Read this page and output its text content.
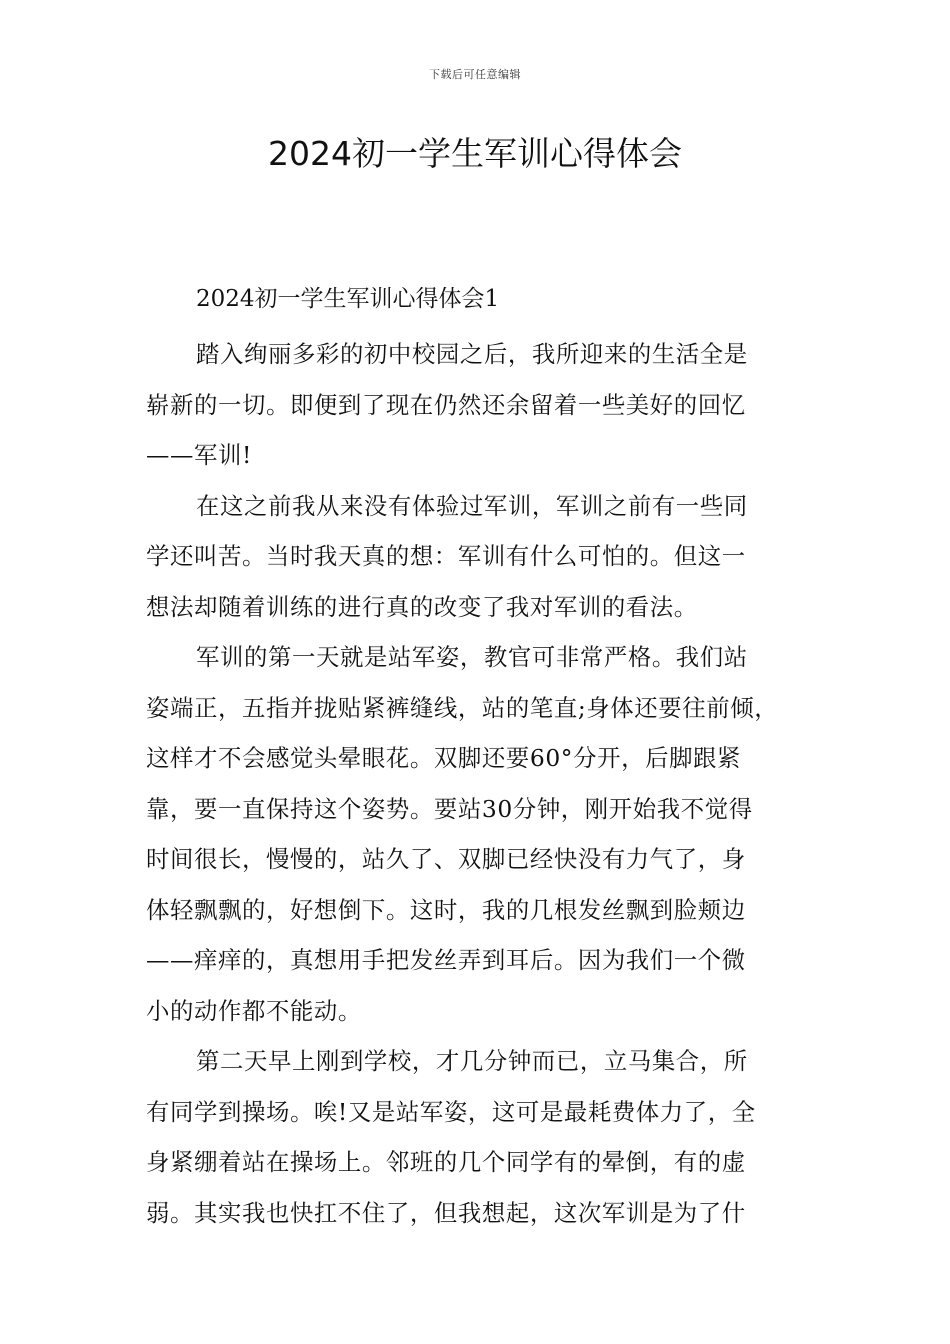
下载后可任意编辑
2024初一学生军训心得体会
2024初一学生军训心得体会1

踏入绚丽多彩的初中校园之后，我所迎来的生活全是
崭新的一切。即便到了现在仍然还余留着一些美好的回忆
——军训!

在这之前我从来没有体验过军训，军训之前有一些同
学还叫苦。当时我天真的想：军训有什么可怕的。但这一
想法却随着训练的进行真的改变了我对军训的看法。

军训的第一天就是站军姿，教官可非常严格。我们站
姿端正，五指并拢贴紧裤缝线，站的笔直;身体还要往前倾，
这样才不会感觉头晕眼花。双脚还要60°分开，后脚跟紧
靠，要一直保持这个姿势。要站30分钟，刚开始我不觉得
时间很长，慢慢的，站久了、双脚已经快没有力气了，身
体轻飘飘的，好想倒下。这时，我的几根发丝飘到脸颊边
——痒痒的，真想用手把发丝弄到耳后。因为我们一个微
小的动作都不能动。

第二天早上刚到学校，才几分钟而已，立马集合，所
有同学到操场。唉!又是站军姿，这可是最耗费体力了，全
身紧绷着站在操场上。邻班的几个同学有的晕倒，有的虚
弱。其实我也快扛不住了，但我想起，这次军训是为了什
